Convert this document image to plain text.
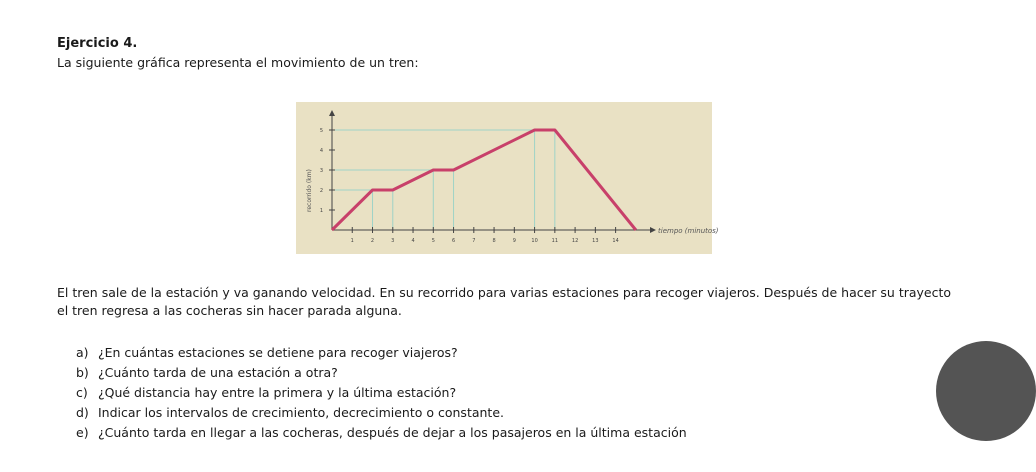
Ejercicio 4.
La siguiente gráfica representa el movimiento de un tren:
1
2
3
4
5
1	2	3	4	5	6	7	8	9	10	11	12	13	14
tiempo (minutos)
recorrido (km)
El tren sale de la estación y va ganando velocidad. En su recorrido para varias estaciones para recoger viajeros. Después de hacer su trayecto el tren regresa a las cocheras sin hacer parada alguna.
a) ¿En cuántas estaciones se detiene para recoger viajeros?
b) ¿Cuánto tarda de una estación a otra?
c) ¿Qué distancia hay entre la primera y la última estación?
d) Indicar los intervalos de crecimiento, decrecimiento o constante.
e) ¿Cuánto tarda en llegar a las cocheras, después de dejar a los pasajeros en la última estación
